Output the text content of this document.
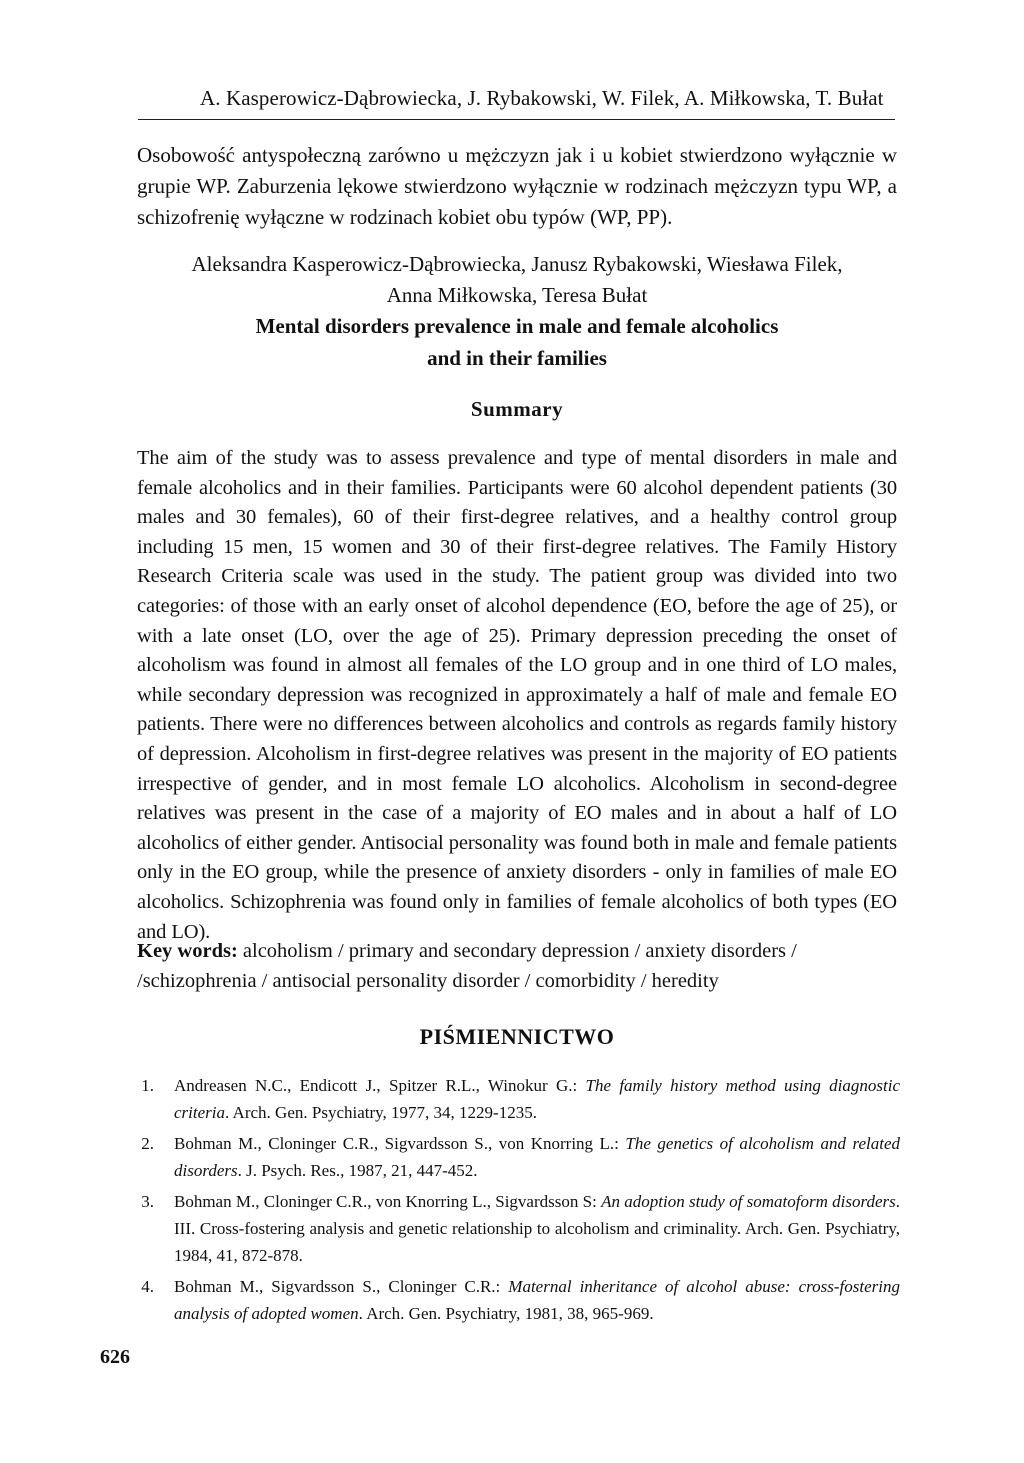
A. Kasperowicz-Dąbrowiecka, J. Rybakowski, W. Filek, A. Miłkowska, T. Bułat

Osobowość antyspołeczną zarówno u mężczyzn jak i u kobiet stwierdzono wyłącznie w grupie WP. Zaburzenia lękowe stwierdzono wyłącznie w rodzinach mężczyzn typu WP, a schizofrenię wyłączne w rodzinach kobiet obu typów (WP, PP).

Aleksandra Kasperowicz-Dąbrowiecka, Janusz Rybakowski, Wiesława Filek,
Anna Miłkowska, Teresa Bułat
Mental disorders prevalence in male and female alcoholics
and in their families
Summary

The aim of the study was to assess prevalence and type of mental disorders in male and female alcoholics and in their families. Participants were 60 alcohol dependent patients (30 males and 30 females), 60 of their first-degree relatives, and a healthy control group including 15 men, 15 women and 30 of their first-degree relatives. The Family History Research Criteria scale was used in the study. The patient group was divided into two categories: of those with an early onset of alcohol dependence (EO, before the age of 25), or with a late onset (LO, over the age of 25). Primary depression preceding the onset of alcoholism was found in almost all females of the LO group and in one third of LO males, while secondary depression was recognized in approximately a half of male and female EO patients. There were no differences between alcoholics and controls as regards family history of depression. Alcoholism in first-degree relatives was present in the majority of EO patients irrespective of gender, and in most female LO alcoholics. Alcoholism in second-degree relatives was present in the case of a majority of EO males and in about a half of LO alcoholics of either gender. Antisocial personality was found both in male and female patients only in the EO group, while the presence of anxiety disorders - only in families of male EO alcoholics. Schizophrenia was found only in families of female alcoholics of both types (EO and LO).

Key words: alcoholism / primary and secondary depression / anxiety disorders / /schizophrenia / antisocial personality disorder / comorbidity / heredity

PIŚMIENNICTWO
1 . Andreasen N.C., Endicott J., Spitzer R.L., Winokur G.: The family history method using diagnostic criteria. Arch. Gen. Psychiatry, 1977, 34, 1229-1235.
2 . Bohman M., Cloninger C.R., Sigvardsson S., von Knorring L.: The genetics of alcoholism and related disorders. J. Psych. Res., 1987, 21, 447-452.
3 . Bohman M., Cloninger C.R., von Knorring L., Sigvardsson S: An adoption study of somatoform disorders. III. Cross-fostering analysis and genetic relationship to alcoholism and criminality. Arch. Gen. Psychiatry, 1984, 41, 872-878.
4 . Bohman M., Sigvardsson S., Cloninger C.R.: Maternal inheritance of alcohol abuse: cross-fostering analysis of adopted women. Arch. Gen. Psychiatry, 1981, 38, 965-969.
626
